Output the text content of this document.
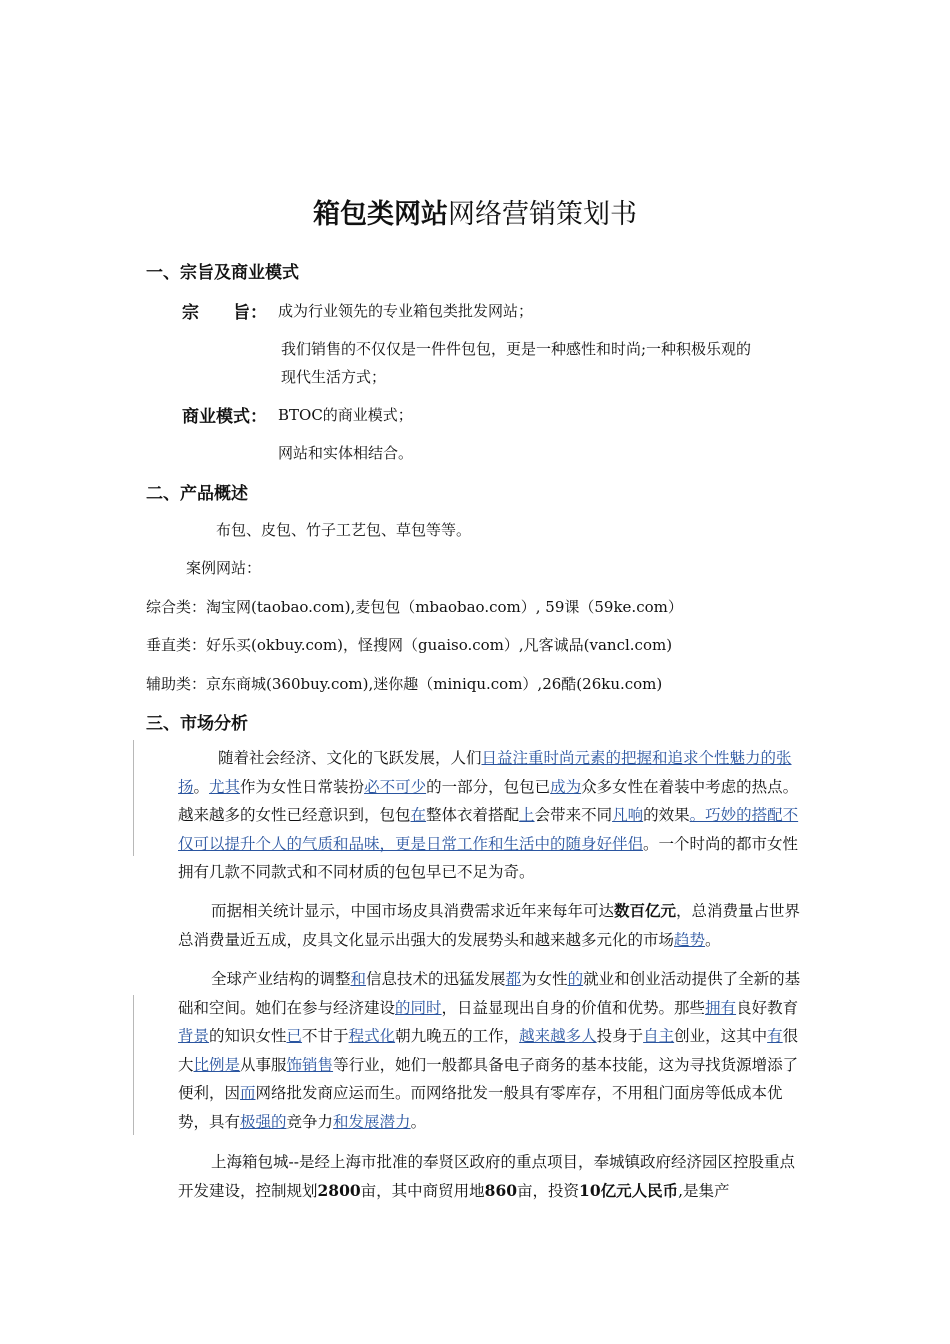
箱包类网站网络营销策划书
一、宗旨及商业模式
宗　　旨： 成为行业领先的专业箱包类批发网站；
我们销售的不仅仅是一件件包包，更是一种感性和时尚;一种积极乐观的
现代生活方式；
商业模式： BTOC的商业模式；
网站和实体相结合。
二、产品概述
布包、皮包、竹子工艺包、草包等等。
案例网站：
综合类：淘宝网(taobao.com),麦包包（mbaobao.com）, 59课（59ke.com）
垂直类：好乐买(okbuy.com)，怪搜网（guaiso.com）,凡客诚品(vancl.com)
辅助类：京东商城(360buy.com),迷你趣（miniqu.com）,26酷(26ku.com)
三、市场分析
随着社会经济、文化的飞跃发展，人们日益注重时尚元素的把握和追求个性魅力的张扬。尤其作为女性日常装扮必不可少的一部分，包包已成为众多女性在着装中考虑的热点。越来越多的女性已经意识到，包包在整体衣着搭配上会带来不同凡响的效果。巧妙的搭配不仅可以提升个人的气质和品味，更是日常工作和生活中的随身好伴侣。一个时尚的都市女性拥有几款不同款式和不同材质的包包早已不足为奇。
而据相关统计显示，中国市场皮具消费需求近年来每年可达数百亿元，总消费量占世界总消费量近五成，皮具文化显示出强大的发展势头和越来越多元化的市场趋势。
全球产业结构的调整和信息技术的迅猛发展都为女性的就业和创业活动提供了全新的基础和空间。她们在参与经济建设的同时，日益显现出自身的价值和优势。那些拥有良好教育背景的知识女性已不甘于程式化朝九晚五的工作，越来越多人投身于自主创业，这其中有很大比例是从事服饰销售等行业，她们一般都具备电子商务的基本技能，这为寻找货源增添了便利，因而网络批发商应运而生。而网络批发一般具有零库存，不用租门面房等低成本优势，具有极强的竞争力和发展潜力。
上海箱包城--是经上海市批准的奉贤区政府的重点项目，奉城镇政府经济园区控股重点开发建设，控制规划2800亩，其中商贸用地860亩，投资10亿元人民币,是集产
